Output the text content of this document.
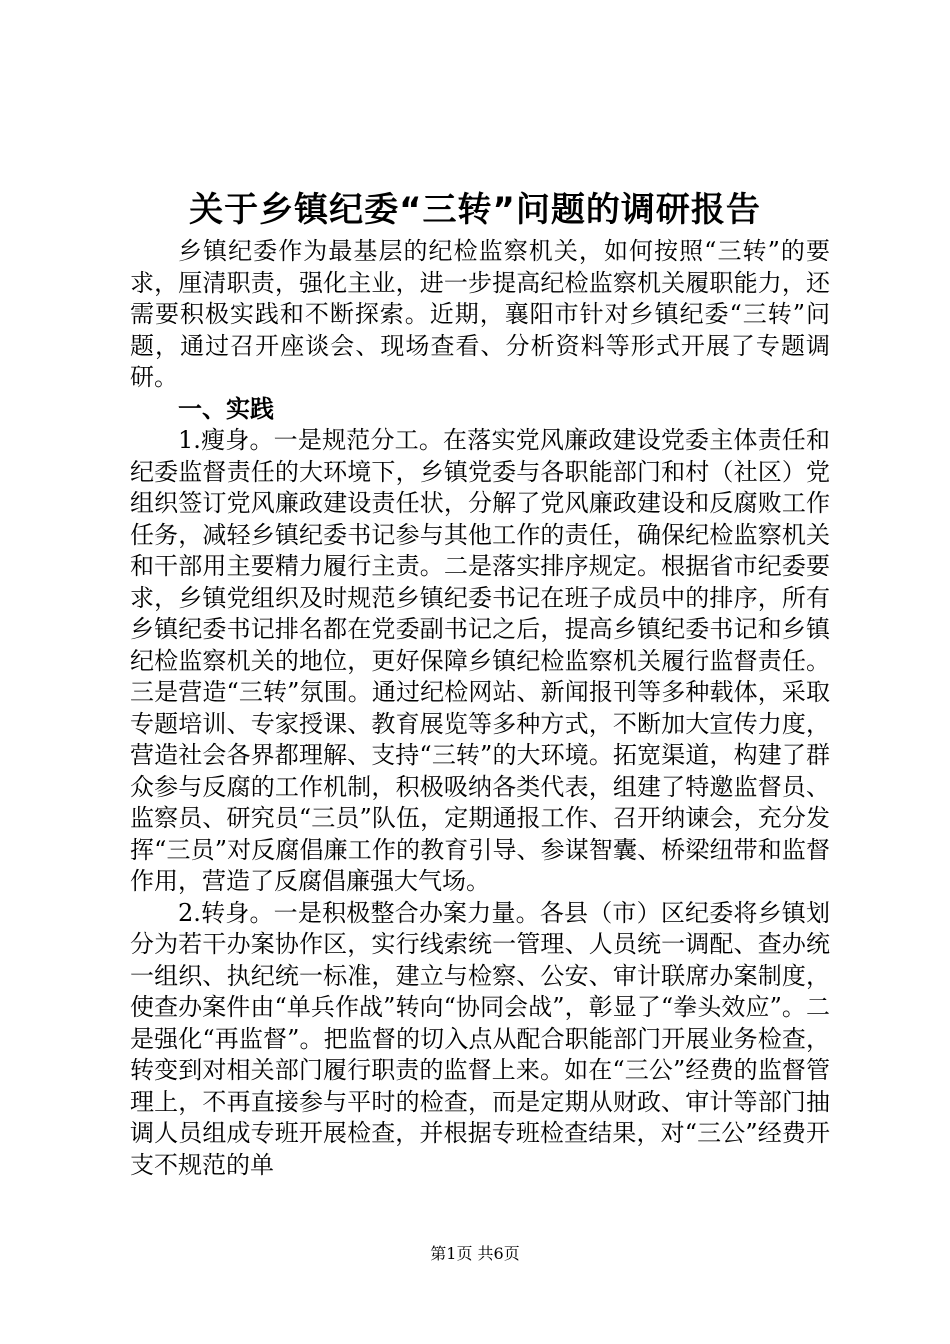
关于乡镇纪委“三转”问题的调研报告

乡镇纪委作为最基层的纪检监察机关，如何按照“三转”的要求，厘清职责，强化主业，进一步提高纪检监察机关履职能力，还需要积极实践和不断探索。近期，襄阳市针对乡镇纪委“三转”问题，通过召开座谈会、现场查看、分析资料等形式开展了专题调研。

一、实践

1.瘦身。一是规范分工。在落实党风廉政建设党委主体责任和纪委监督责任的大环境下，乡镇党委与各职能部门和村（社区）党组织签订党风廉政建设责任状，分解了党风廉政建设和反腐败工作任务，减轻乡镇纪委书记参与其他工作的责任，确保纪检监察机关和干部用主要精力履行主责。二是落实排序规定。根据省市纪委要求，乡镇党组织及时规范乡镇纪委书记在班子成员中的排序，所有乡镇纪委书记排名都在党委副书记之后，提高乡镇纪委书记和乡镇纪检监察机关的地位，更好保障乡镇纪检监察机关履行监督责任。三是营造“三转”氛围。通过纪检网站、新闻报刊等多种载体，采取专题培训、专家授课、教育展览等多种方式，不断加大宣传力度，营造社会各界都理解、支持“三转”的大环境。拓宽渠道，构建了群众参与反腐的工作机制，积极吸纳各类代表，组建了特邀监督员、监察员、研究员“三员”队伍，定期通报工作、召开纳谏会，充分发挥“三员”对反腐倡廉工作的教育引导、参谋智囊、桥梁纽带和监督作用，营造了反腐倡廉强大气场。

2.转身。一是积极整合办案力量。各县（市）区纪委将乡镇划分为若干办案协作区，实行线索统一管理、人员统一调配、查办统一组织、执纪统一标准，建立与检察、公安、审计联席办案制度，使查办案件由“单兵作战”转向“协同会战”，彰显了“拳头效应”。二是强化“再监督”。把监督的切入点从配合职能部门开展业务检查，转变到对相关部门履行职责的监督上来。如在“三公”经费的监督管理上，不再直接参与平时的检查，而是定期从财政、审计等部门抽调人员组成专班开展检查，并根据专班检查结果，对“三公”经费开支不规范的单

第1页 共6页
